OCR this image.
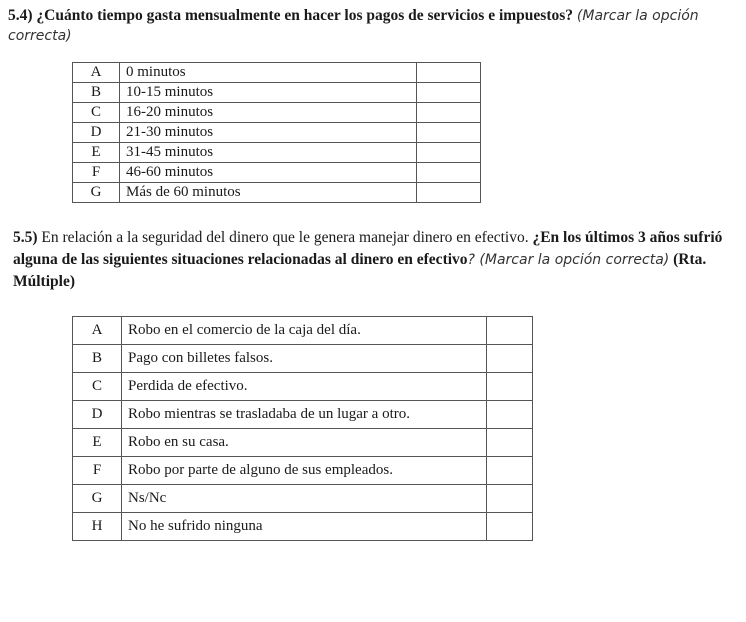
5.4) ¿Cuánto tiempo gasta mensualmente en hacer los pagos de servicios e impuestos? (Marcar la opción correcta)
A	0 minutos	
B	10-15 minutos	
C	16-20 minutos	
D	21-30 minutos	
E	31-45 minutos	
F	46-60 minutos	
G	Más de 60 minutos	
5.5) En relación a la seguridad del dinero que le genera manejar dinero en efectivo. ¿En los últimos 3 años sufrió alguna de las siguientes situaciones relacionadas al dinero en efectivo? (Marcar la opción correcta) (Rta. Múltiple)
A	Robo en el comercio de la caja del día.	
B	Pago con billetes falsos.	
C	Perdida de efectivo.	
D	Robo mientras se trasladaba de un lugar a otro.	
E	Robo en su casa.	
F	Robo por parte de alguno de sus empleados.	
G	Ns/Nc	
H	No he sufrido ninguna	
